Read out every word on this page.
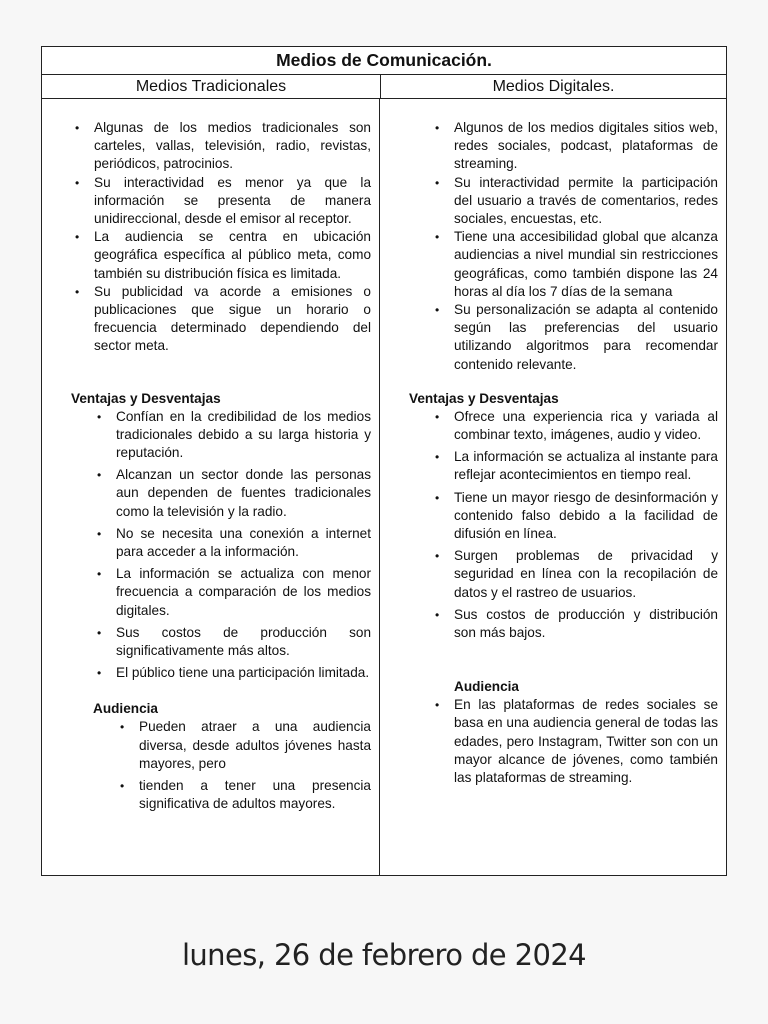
Medios de Comunicación.
Medios Tradicionales	Medios Digitales.
• Algunas de los medios tradicionales son carteles, vallas, televisión, radio, revistas, periódicos, patrocinios.
• Su interactividad es menor ya que la información se presenta de manera unidireccional, desde el emisor al receptor.
• La audiencia se centra en ubicación geográfica específica al público meta, como también su distribución física es limitada.
• Su publicidad va acorde a emisiones o publicaciones que sigue un horario o frecuencia determinado dependiendo del sector meta.
Ventajas y Desventajas
• Confían en la credibilidad de los medios tradicionales debido a su larga historia y reputación.
• Alcanzan un sector donde las personas aun dependen de fuentes tradicionales como la televisión y la radio.
• No se necesita una conexión a internet para acceder a la información.
• La información se actualiza con menor frecuencia a comparación de los medios digitales.
• Sus costos de producción son significativamente más altos.
• El público tiene una participación limitada.
Audiencia
• Pueden atraer a una audiencia diversa, desde adultos jóvenes hasta mayores, pero
• tienden a tener una presencia significativa de adultos mayores.
• Algunos de los medios digitales sitios web, redes sociales, podcast, plataformas de streaming.
• Su interactividad permite la participación del usuario a través de comentarios, redes sociales, encuestas, etc.
• Tiene una accesibilidad global que alcanza audiencias a nivel mundial sin restricciones geográficas, como también dispone las 24 horas al día los 7 días de la semana
• Su personalización se adapta al contenido según las preferencias del usuario utilizando algoritmos para recomendar contenido relevante.
Ventajas y Desventajas
• Ofrece una experiencia rica y variada al combinar texto, imágenes, audio y video.
• La información se actualiza al instante para reflejar acontecimientos en tiempo real.
• Tiene un mayor riesgo de desinformación y contenido falso debido a la facilidad de difusión en línea.
• Surgen problemas de privacidad y seguridad en línea con la recopilación de datos y el rastreo de usuarios.
• Sus costos de producción y distribución son más bajos.
Audiencia
• En las plataformas de redes sociales se basa en una audiencia general de todas las edades, pero Instagram, Twitter son con un mayor alcance de jóvenes, como también las plataformas de streaming.
lunes, 26 de febrero de 2024
